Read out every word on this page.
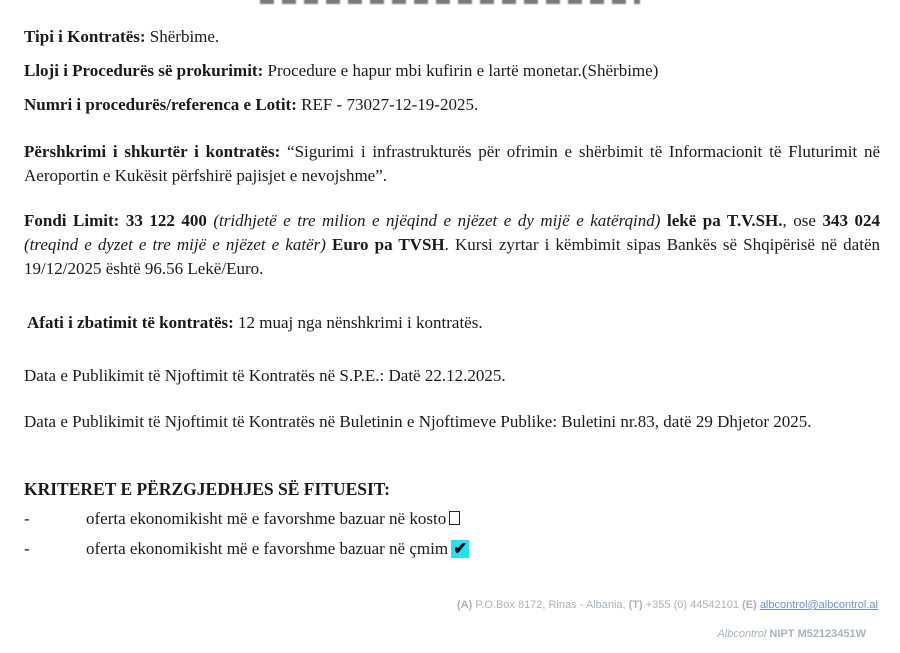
Tipi i Kontratës: Shërbime.
Lloji i Procedurës së prokurimit: Procedure e hapur mbi kufirin e lartë monetar.(Shërbime)
Numri i procedurës/referenca e Lotit: REF - 73027-12-19-2025.
Përshkrimi i shkurtër i kontratës: “Sigurimi i infrastrukturës për ofrimin e shërbimit të Informacionit të Fluturimit në Aeroportin e Kukësit përfshirë pajisjet e nevojshme”.
Fondi Limit: 33 122 400 (tridhjetë e tre milion e njëqind e njëzet e dy mijë e katërqind) lekë pa T.V.SH., ose 343 024 (treqind e dyzet e tre mijë e njëzet e katër) Euro pa TVSH. Kursi zyrtar i këmbimit sipas Bankës së Shqipërisë në datën 19/12/2025 është 96.56 Lekë/Euro.
Afati i zbatimit të kontratës: 12 muaj nga nënshkrimi i kontratës.
Data e Publikimit të Njoftimit të Kontratës në S.P.E.: Datë 22.12.2025.
Data e Publikimit të Njoftimit të Kontratës në Buletinin e Njoftimeve Publike: Buletini nr.83, datë 29 Dhjetor 2025.
KRITERET E PËRZGJEDHJES SË FITUESIT:
-	oferta ekonomikisht më e favorshme bazuar në kosto
-	oferta ekonomikisht më e favorshme bazuar në çmim ✔
(A) P.O.Box 8172, Rinas - Albania, (T) +355 (0) 44542101 (E) albcontrol@albcontrol.al
Albcontrol NIPT M52123451W
